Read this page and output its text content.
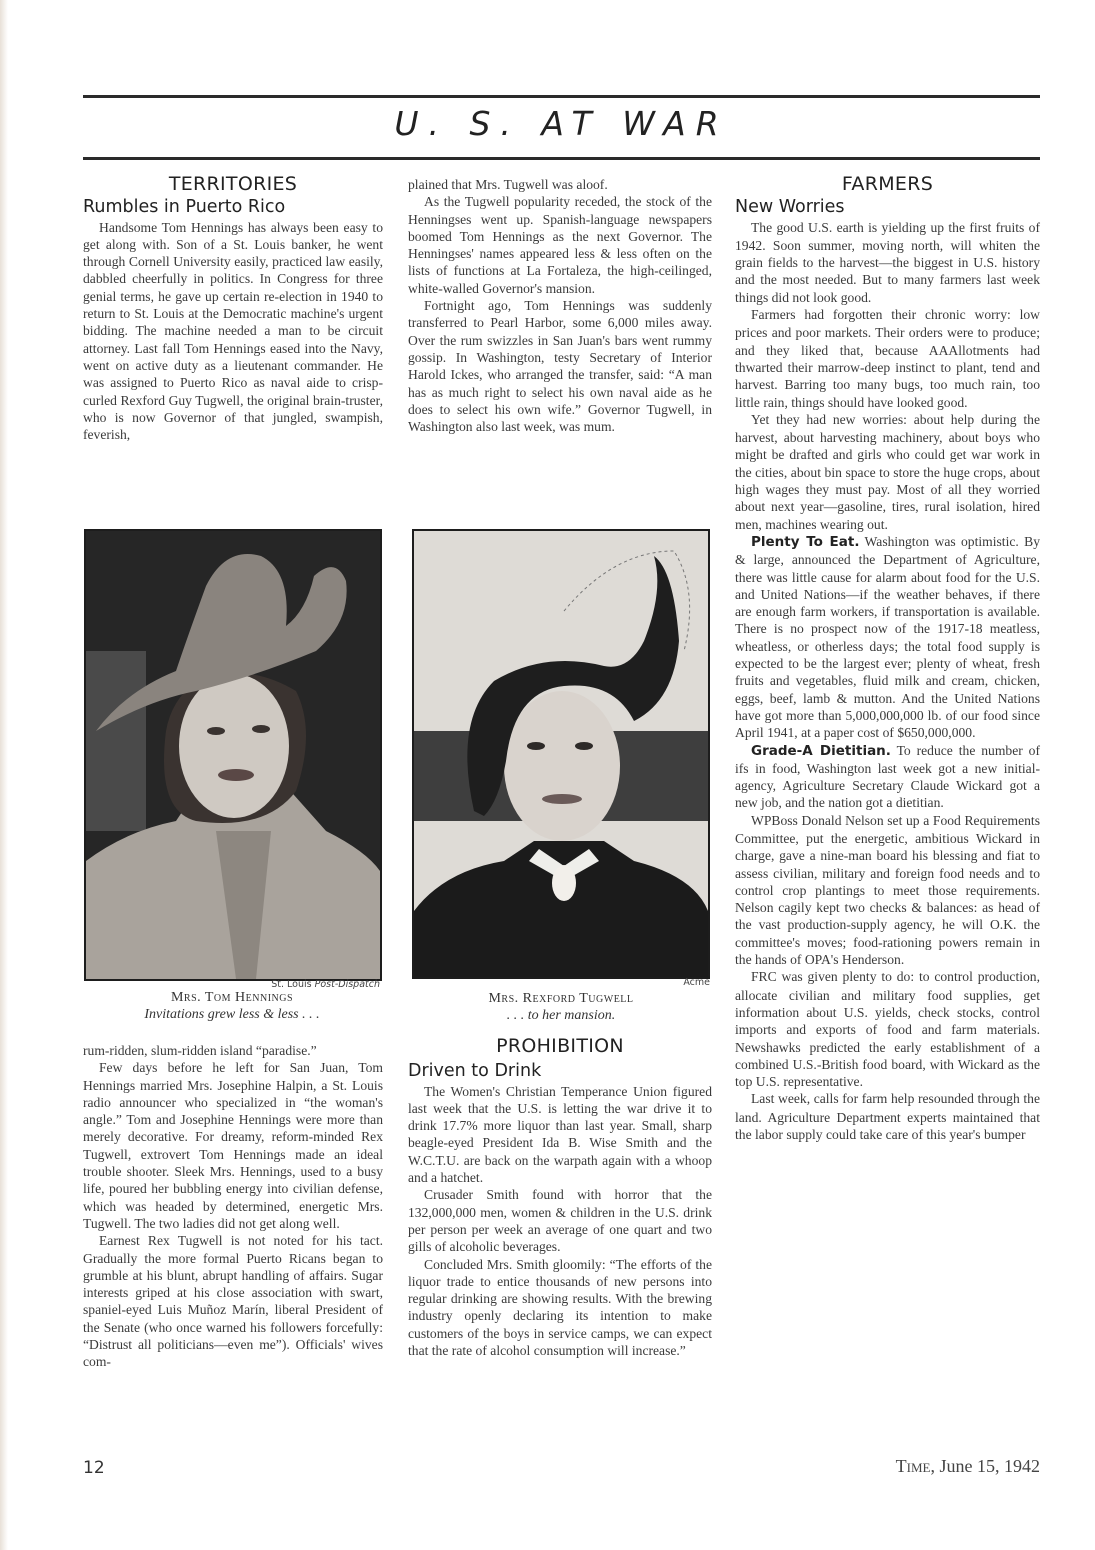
U. S. AT WAR
TERRITORIES
Rumbles in Puerto Rico

Handsome Tom Hennings has always been easy to get along with. Son of a St. Louis banker, he went through Cornell University easily, practiced law easily, dabbled cheerfully in politics. In Congress for three genial terms, he gave up certain re-election in 1940 to return to St. Louis at the Democratic machine's urgent bidding. The machine needed a man to be circuit attorney. Last fall Tom Hennings eased into the Navy, went on active duty as a lieutenant commander. He was assigned to Puerto Rico as naval aide to crisp-curled Rexford Guy Tugwell, the original brain-truster, who is now Governor of that jungled, swampish, feverish,

plained that Mrs. Tugwell was aloof.

As the Tugwell popularity receded, the stock of the Henningses went up. Spanish-language newspapers boomed Tom Hennings as the next Governor. The Henningses' names appeared less & less often on the lists of functions at La Fortaleza, the high-ceilinged, white-walled Governor's mansion.

Fortnight ago, Tom Hennings was suddenly transferred to Pearl Harbor, some 6,000 miles away. Over the rum swizzles in San Juan's bars went rummy gossip. In Washington, testy Secretary of Interior Harold Ickes, who arranged the transfer, said: “A man has as much right to select his own naval aide as he does to select his own wife.” Governor Tugwell, in Washington also last week, was mum.

St. Louis Post-Dispatch
Mrs. Tom Hennings
Invitations grew less & less . . .
Acme
Mrs. Rexford Tugwell
. . . to her mansion.

rum-ridden, slum-ridden island “paradise.”

Few days before he left for San Juan, Tom Hennings married Mrs. Josephine Halpin, a St. Louis radio announcer who specialized in “the woman's angle.” Tom and Josephine Hennings were more than merely decorative. For dreamy, reform-minded Rex Tugwell, extrovert Tom Hennings made an ideal trouble shooter. Sleek Mrs. Hennings, used to a busy life, poured her bubbling energy into civilian defense, which was headed by determined, energetic Mrs. Tugwell. The two ladies did not get along well.

Earnest Rex Tugwell is not noted for his tact. Gradually the more formal Puerto Ricans began to grumble at his blunt, abrupt handling of affairs. Sugar interests griped at his close association with swart, spaniel-eyed Luis Muñoz Marín, liberal President of the Senate (who once warned his followers forcefully: “Distrust all politicians—even me”). Officials' wives com-

PROHIBITION
Driven to Drink

The Women's Christian Temperance Union figured last week that the U.S. is letting the war drive it to drink 17.7% more liquor than last year. Small, sharp beagle-eyed President Ida B. Wise Smith and the W.C.T.U. are back on the warpath again with a whoop and a hatchet.

Crusader Smith found with horror that the 132,000,000 men, women & children in the U.S. drink per person per week an average of one quart and two gills of alcoholic beverages.

Concluded Mrs. Smith gloomily: “The efforts of the liquor trade to entice thousands of new persons into regular drinking are showing results. With the brewing industry openly declaring its intention to make customers of the boys in service camps, we can expect that the rate of alcohol consumption will increase.”

FARMERS
New Worries

The good U.S. earth is yielding up the first fruits of 1942. Soon summer, moving north, will whiten the grain fields to the harvest—the biggest in U.S. history and the most needed. But to many farmers last week things did not look good.

Farmers had forgotten their chronic worry: low prices and poor markets. Their orders were to produce; and they liked that, because AAAllotments had thwarted their marrow-deep instinct to plant, tend and harvest. Barring too many bugs, too much rain, too little rain, things should have looked good.

Yet they had new worries: about help during the harvest, about harvesting machinery, about boys who might be drafted and girls who could get war work in the cities, about bin space to store the huge crops, about high wages they must pay. Most of all they worried about next year—gasoline, tires, rural isolation, hired men, machines wearing out.

Plenty To Eat. Washington was optimistic. By & large, announced the Department of Agriculture, there was little cause for alarm about food for the U.S. and United Nations—if the weather behaves, if there are enough farm workers, if transportation is available. There is no prospect now of the 1917-18 meatless, wheatless, or otherless days; the total food supply is expected to be the largest ever; plenty of wheat, fresh fruits and vegetables, fluid milk and cream, chicken, eggs, beef, lamb & mutton. And the United Nations have got more than 5,000,000,000 lb. of our food since April 1941, at a paper cost of $650,000,000.

Grade-A Dietitian. To reduce the number of ifs in food, Washington last week got a new initial-agency, Agriculture Secretary Claude Wickard got a new job, and the nation got a dietitian.

WPBoss Donald Nelson set up a Food Requirements Committee, put the energetic, ambitious Wickard in charge, gave a nine-man board his blessing and fiat to assess civilian, military and foreign food needs and to control crop plantings to meet those requirements. Nelson cagily kept two checks & balances: as head of the vast production-supply agency, he will O.K. the committee's moves; food-rationing powers remain in the hands of OPA's Henderson.

FRC was given plenty to do: to control production, allocate civilian and military food supplies, get information about U.S. yields, check stocks, control imports and exports of food and farm materials. Newshawks predicted the early establishment of a combined U.S.-British food board, with Wickard as the top U.S. representative.

Last week, calls for farm help resounded through the land. Agriculture Department experts maintained that the labor supply could take care of this year's bumper

12	Time, June 15, 1942
